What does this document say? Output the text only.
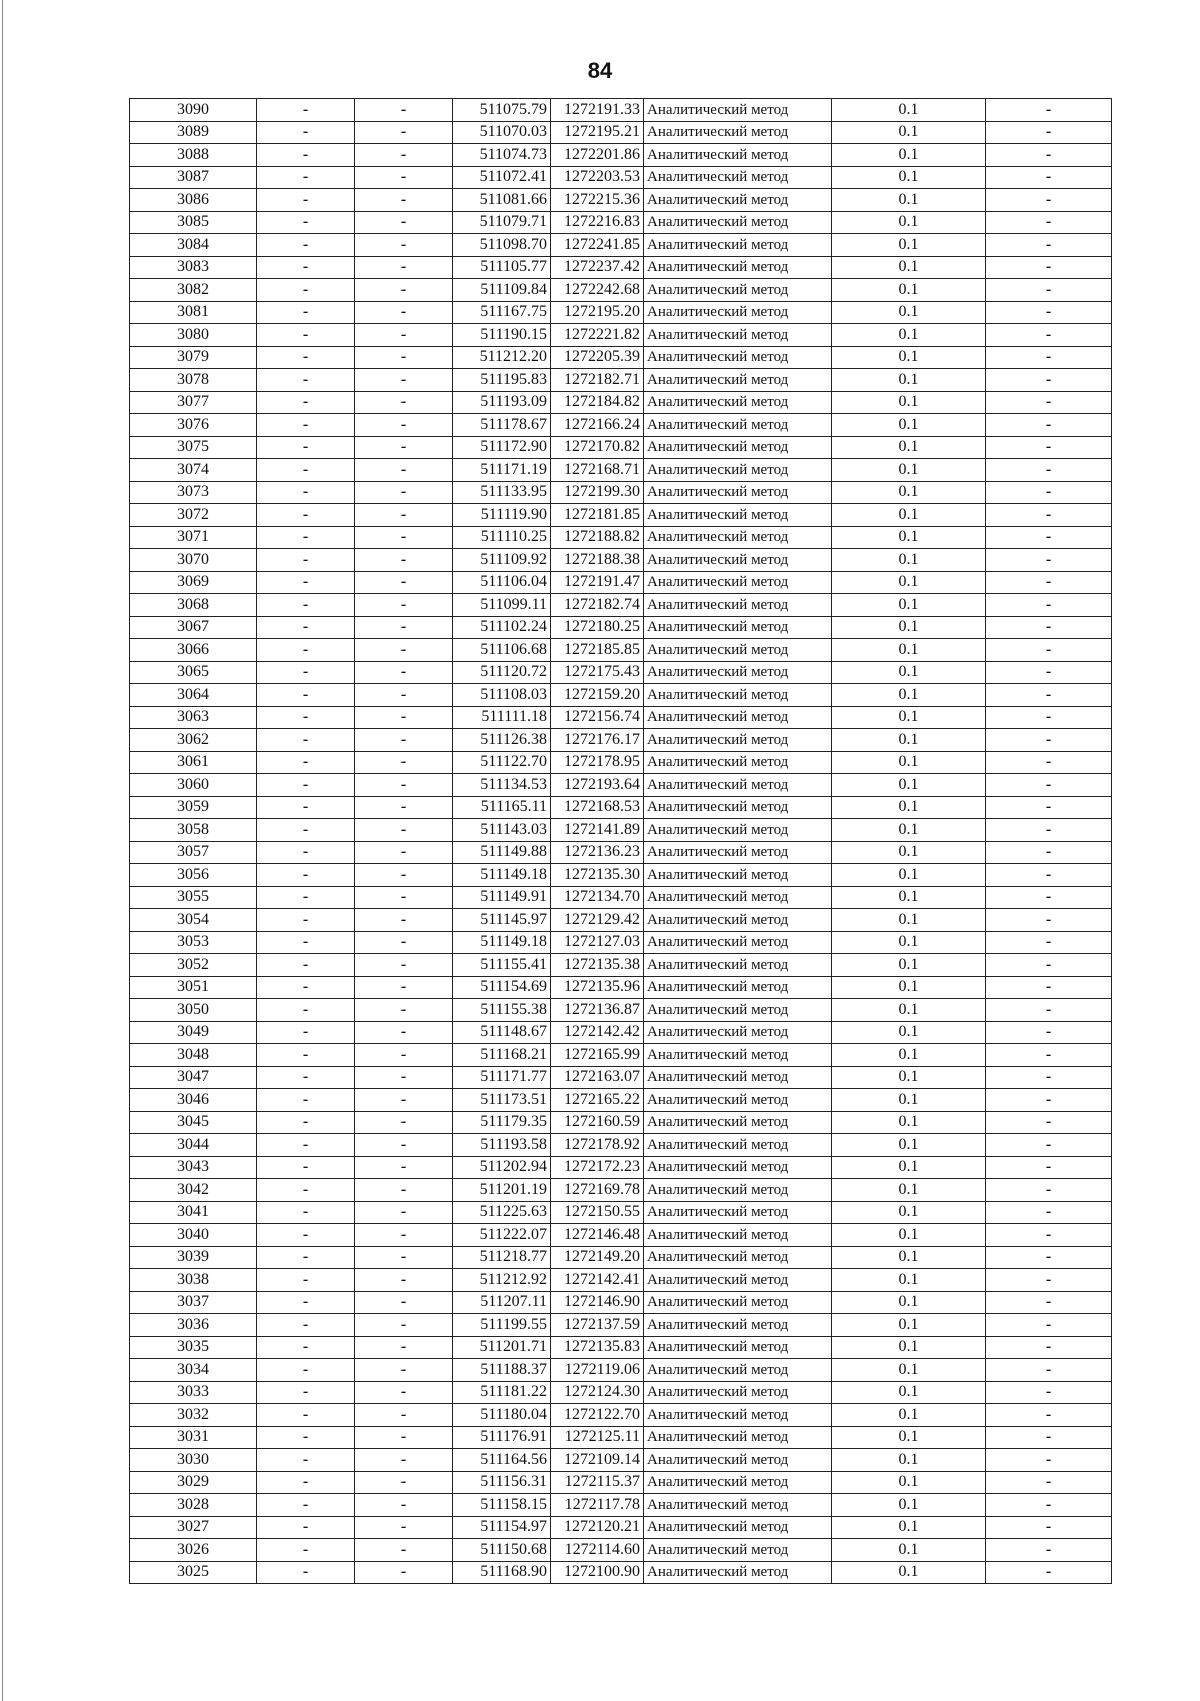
84
3090	-	-	511075.79	1272191.33	Аналитический метод	0.1	-
3089	-	-	511070.03	1272195.21	Аналитический метод	0.1	-
3088	-	-	511074.73	1272201.86	Аналитический метод	0.1	-
3087	-	-	511072.41	1272203.53	Аналитический метод	0.1	-
3086	-	-	511081.66	1272215.36	Аналитический метод	0.1	-
3085	-	-	511079.71	1272216.83	Аналитический метод	0.1	-
3084	-	-	511098.70	1272241.85	Аналитический метод	0.1	-
3083	-	-	511105.77	1272237.42	Аналитический метод	0.1	-
3082	-	-	511109.84	1272242.68	Аналитический метод	0.1	-
3081	-	-	511167.75	1272195.20	Аналитический метод	0.1	-
3080	-	-	511190.15	1272221.82	Аналитический метод	0.1	-
3079	-	-	511212.20	1272205.39	Аналитический метод	0.1	-
3078	-	-	511195.83	1272182.71	Аналитический метод	0.1	-
3077	-	-	511193.09	1272184.82	Аналитический метод	0.1	-
3076	-	-	511178.67	1272166.24	Аналитический метод	0.1	-
3075	-	-	511172.90	1272170.82	Аналитический метод	0.1	-
3074	-	-	511171.19	1272168.71	Аналитический метод	0.1	-
3073	-	-	511133.95	1272199.30	Аналитический метод	0.1	-
3072	-	-	511119.90	1272181.85	Аналитический метод	0.1	-
3071	-	-	511110.25	1272188.82	Аналитический метод	0.1	-
3070	-	-	511109.92	1272188.38	Аналитический метод	0.1	-
3069	-	-	511106.04	1272191.47	Аналитический метод	0.1	-
3068	-	-	511099.11	1272182.74	Аналитический метод	0.1	-
3067	-	-	511102.24	1272180.25	Аналитический метод	0.1	-
3066	-	-	511106.68	1272185.85	Аналитический метод	0.1	-
3065	-	-	511120.72	1272175.43	Аналитический метод	0.1	-
3064	-	-	511108.03	1272159.20	Аналитический метод	0.1	-
3063	-	-	511111.18	1272156.74	Аналитический метод	0.1	-
3062	-	-	511126.38	1272176.17	Аналитический метод	0.1	-
3061	-	-	511122.70	1272178.95	Аналитический метод	0.1	-
3060	-	-	511134.53	1272193.64	Аналитический метод	0.1	-
3059	-	-	511165.11	1272168.53	Аналитический метод	0.1	-
3058	-	-	511143.03	1272141.89	Аналитический метод	0.1	-
3057	-	-	511149.88	1272136.23	Аналитический метод	0.1	-
3056	-	-	511149.18	1272135.30	Аналитический метод	0.1	-
3055	-	-	511149.91	1272134.70	Аналитический метод	0.1	-
3054	-	-	511145.97	1272129.42	Аналитический метод	0.1	-
3053	-	-	511149.18	1272127.03	Аналитический метод	0.1	-
3052	-	-	511155.41	1272135.38	Аналитический метод	0.1	-
3051	-	-	511154.69	1272135.96	Аналитический метод	0.1	-
3050	-	-	511155.38	1272136.87	Аналитический метод	0.1	-
3049	-	-	511148.67	1272142.42	Аналитический метод	0.1	-
3048	-	-	511168.21	1272165.99	Аналитический метод	0.1	-
3047	-	-	511171.77	1272163.07	Аналитический метод	0.1	-
3046	-	-	511173.51	1272165.22	Аналитический метод	0.1	-
3045	-	-	511179.35	1272160.59	Аналитический метод	0.1	-
3044	-	-	511193.58	1272178.92	Аналитический метод	0.1	-
3043	-	-	511202.94	1272172.23	Аналитический метод	0.1	-
3042	-	-	511201.19	1272169.78	Аналитический метод	0.1	-
3041	-	-	511225.63	1272150.55	Аналитический метод	0.1	-
3040	-	-	511222.07	1272146.48	Аналитический метод	0.1	-
3039	-	-	511218.77	1272149.20	Аналитический метод	0.1	-
3038	-	-	511212.92	1272142.41	Аналитический метод	0.1	-
3037	-	-	511207.11	1272146.90	Аналитический метод	0.1	-
3036	-	-	511199.55	1272137.59	Аналитический метод	0.1	-
3035	-	-	511201.71	1272135.83	Аналитический метод	0.1	-
3034	-	-	511188.37	1272119.06	Аналитический метод	0.1	-
3033	-	-	511181.22	1272124.30	Аналитический метод	0.1	-
3032	-	-	511180.04	1272122.70	Аналитический метод	0.1	-
3031	-	-	511176.91	1272125.11	Аналитический метод	0.1	-
3030	-	-	511164.56	1272109.14	Аналитический метод	0.1	-
3029	-	-	511156.31	1272115.37	Аналитический метод	0.1	-
3028	-	-	511158.15	1272117.78	Аналитический метод	0.1	-
3027	-	-	511154.97	1272120.21	Аналитический метод	0.1	-
3026	-	-	511150.68	1272114.60	Аналитический метод	0.1	-
3025	-	-	511168.90	1272100.90	Аналитический метод	0.1	-
